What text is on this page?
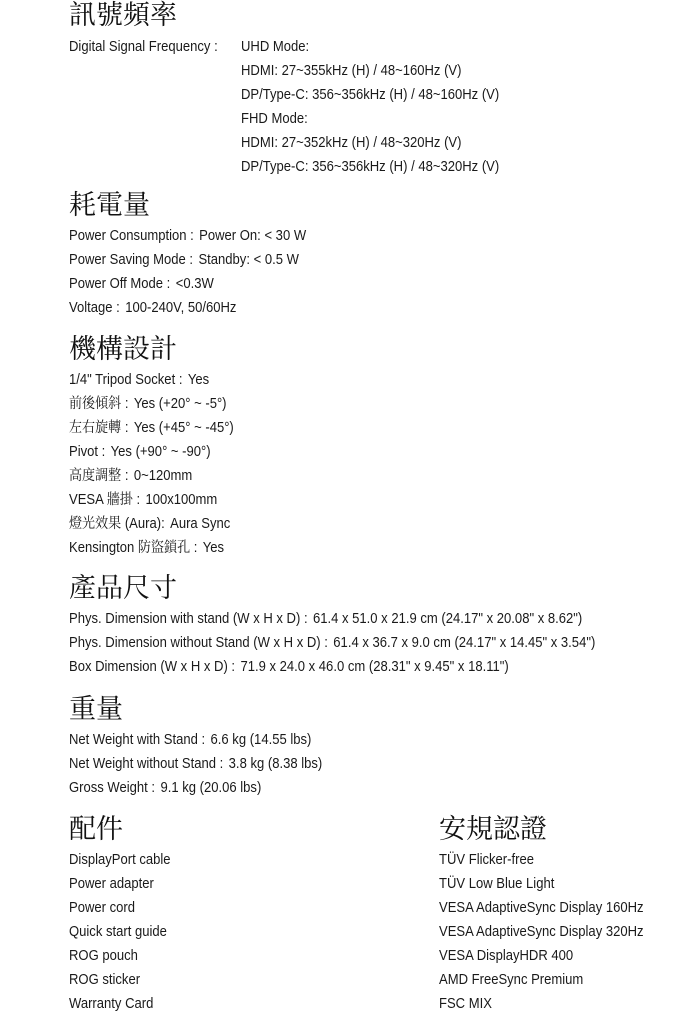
訊號頻率
Digital Signal Frequency : UHD Mode:
HDMI: 27~355kHz (H) / 48~160Hz (V)
DP/Type-C: 356~356kHz (H) / 48~160Hz (V)
FHD Mode:
HDMI: 27~352kHz (H) / 48~320Hz (V)
DP/Type-C: 356~356kHz (H) / 48~320Hz (V)
耗電量
Power Consumption : Power On: < 30 W
Power Saving Mode : Standby: < 0.5 W
Power Off Mode : <0.3W
Voltage : 100-240V, 50/60Hz
機構設計
1/4" Tripod Socket : Yes
前後傾斜 : Yes (+20° ~ -5°)
左右旋轉 : Yes (+45° ~ -45°)
Pivot : Yes (+90° ~ -90°)
高度調整 : 0~120mm
VESA 牆掛 : 100x100mm
燈光效果 (Aura): Aura Sync
Kensington 防盜鎖孔 : Yes
產品尺寸
Phys. Dimension with stand (W x H x D) : 61.4 x 51.0 x 21.9 cm (24.17" x 20.08" x 8.62")
Phys. Dimension without Stand (W x H x D) : 61.4 x 36.7 x 9.0 cm (24.17" x 14.45" x 3.54")
Box Dimension (W x H x D) : 71.9 x 24.0 x 46.0 cm (28.31" x 9.45" x 18.11")
重量
Net Weight with Stand : 6.6 kg (14.55 lbs)
Net Weight without Stand : 3.8 kg (8.38 lbs)
Gross Weight : 9.1 kg (20.06 lbs)
配件
DisplayPort cable
Power adapter
Power cord
Quick start guide
ROG pouch
ROG sticker
Warranty Card
安規認證
TÜV Flicker-free
TÜV Low Blue Light
VESA AdaptiveSync Display 160Hz
VESA AdaptiveSync Display 320Hz
VESA DisplayHDR 400
AMD FreeSync Premium
FSC MIX
